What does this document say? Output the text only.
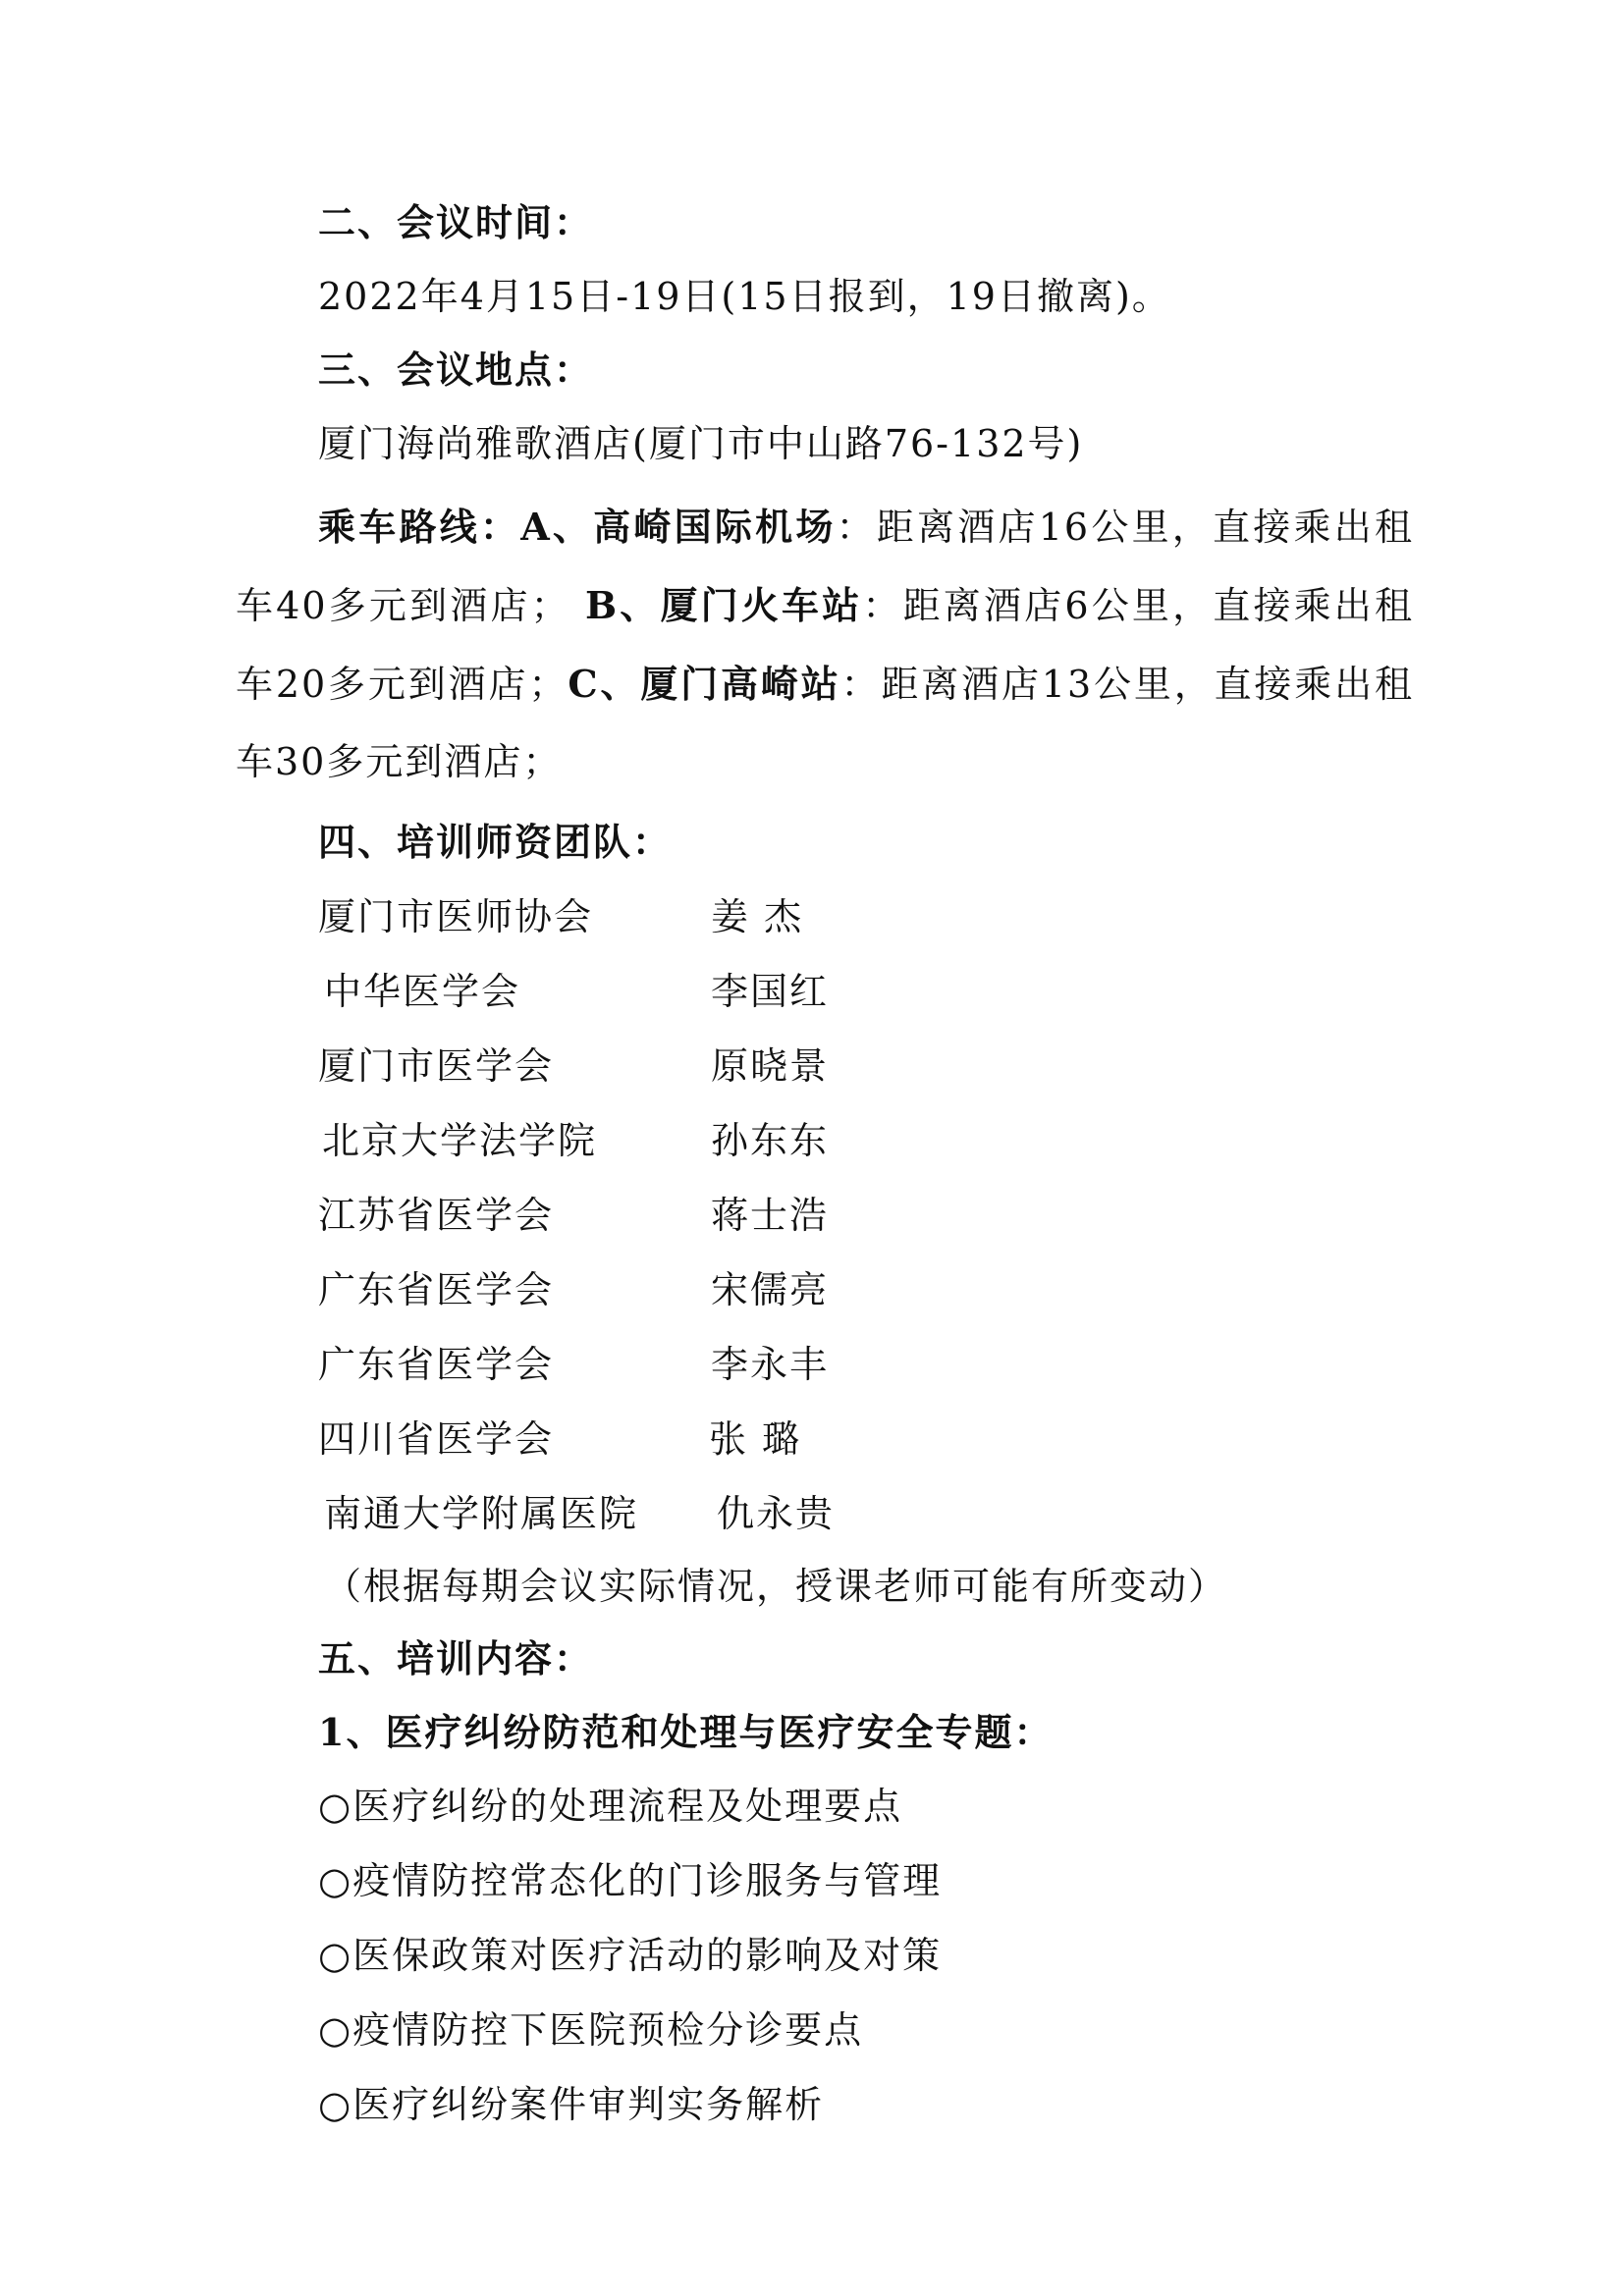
二、会议时间：
2022年4月15日-19日(15日报到，19日撤离)。
三、会议地点：
厦门海尚雅歌酒店(厦门市中山路76-132号)
乘车路线：A、高崎国际机场：距离酒店16公里，直接乘出租车40多元到酒店； B、厦门火车站：距离酒店6公里，直接乘出租车20多元到酒店；C、厦门高崎站：距离酒店13公里，直接乘出租车30多元到酒店；
四、培训师资团队：
厦门市医师协会	姜 杰
中华医学会	李国红
厦门市医学会	原晓景
北京大学法学院	孙东东
江苏省医学会	蒋士浩
广东省医学会	宋儒亮
广东省医学会	李永丰
四川省医学会	张 璐
南通大学附属医院 仇永贵
（根据每期会议实际情况，授课老师可能有所变动）
五、培训内容：
1、医疗纠纷防范和处理与医疗安全专题：
○医疗纠纷的处理流程及处理要点
○疫情防控常态化的门诊服务与管理
○医保政策对医疗活动的影响及对策
○疫情防控下医院预检分诊要点
○医疗纠纷案件审判实务解析
